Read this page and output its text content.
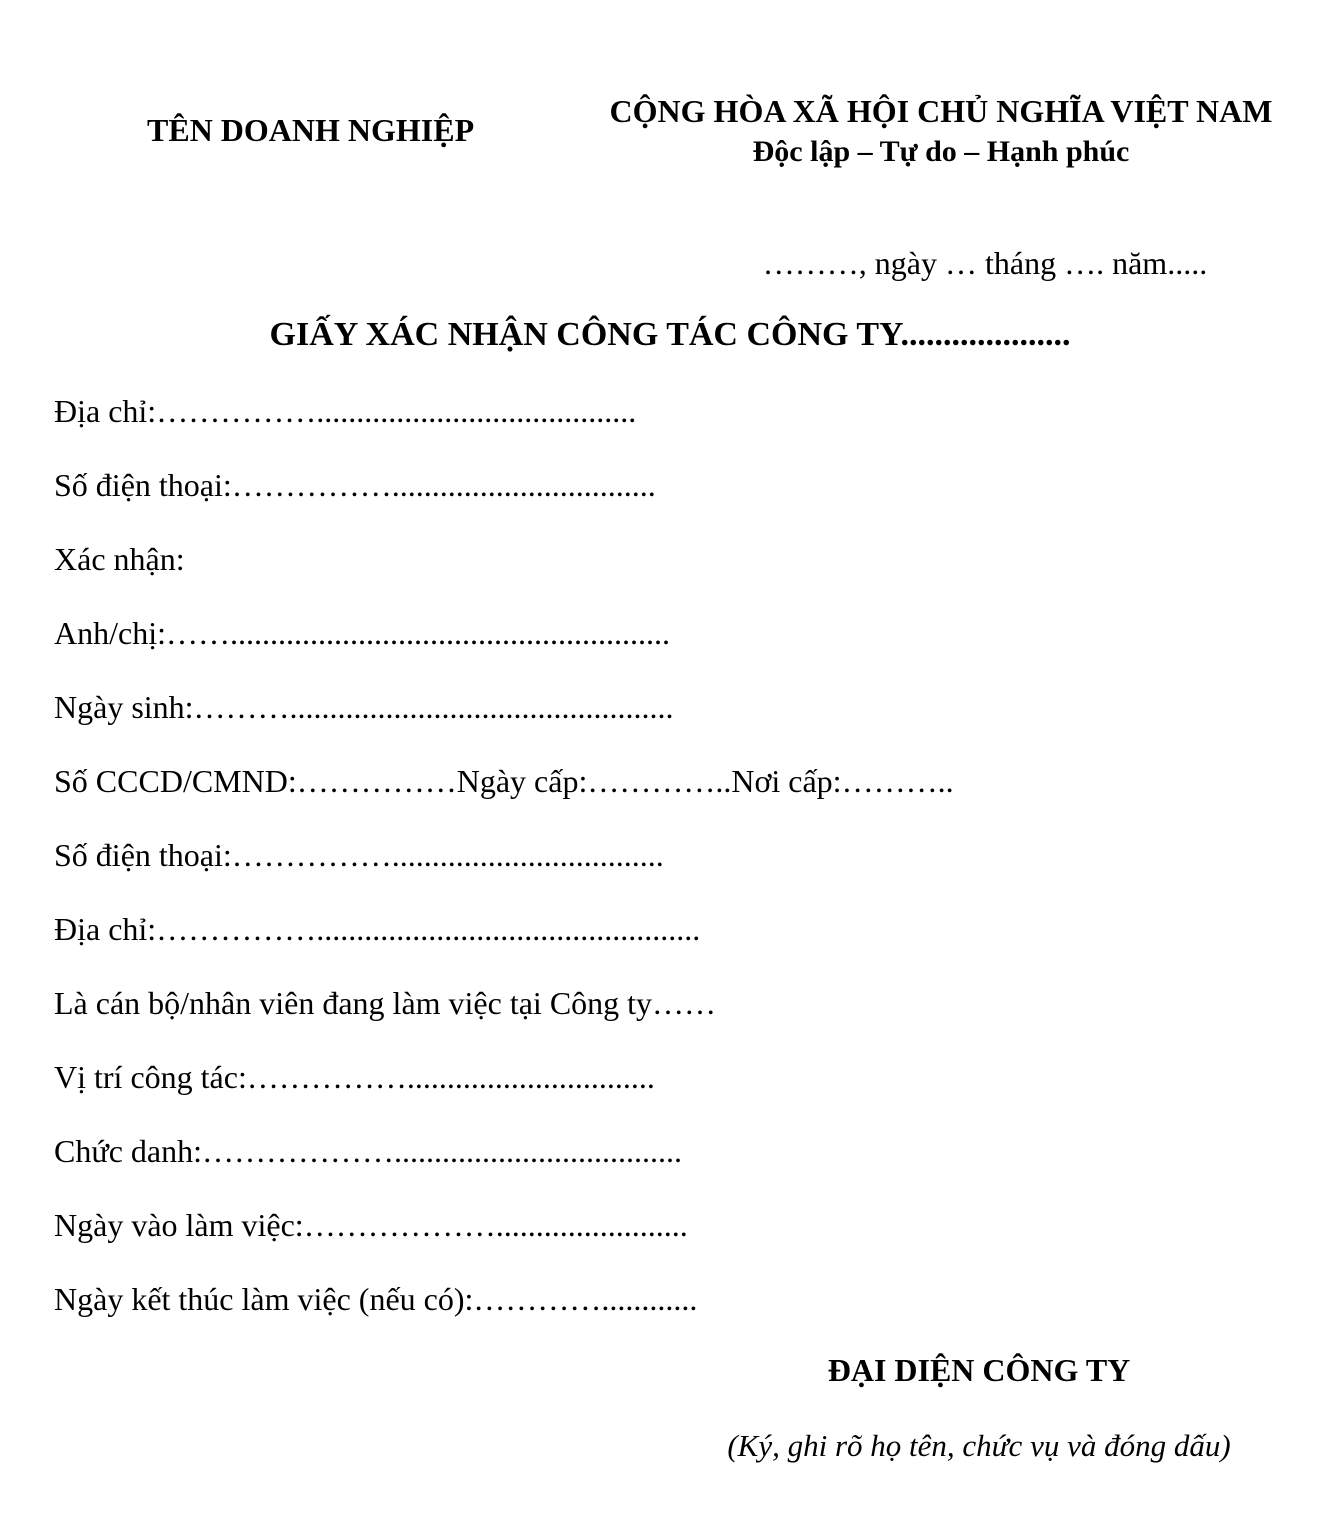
TÊN DOANH NGHIỆP
CỘNG HÒA XÃ HỘI CHỦ NGHĨA VIỆT NAM
Độc lập – Tự do – Hạnh phúc
………, ngày … tháng …. năm.....
GIẤY XÁC NHẬN CÔNG TÁC CÔNG TY....................
Địa chỉ:……………........................................
Số điện thoại:…………….................................
Xác nhận:
Anh/chị:…….......................................................
Ngày sinh:………................................................
Số CCCD/CMND:……………Ngày cấp:…………..Nơi cấp:………..
Số điện thoại:……………..................................
Địa chỉ:……………................................................
Là cán bộ/nhân viên đang làm việc tại Công ty……
Vị trí công tác:……………...............................
Chức danh:………………....................................
Ngày vào làm việc:………………........................
Ngày kết thúc làm việc (nếu có):…………............
ĐẠI DIỆN CÔNG TY
(Ký, ghi rõ họ tên, chức vụ và đóng dấu)
